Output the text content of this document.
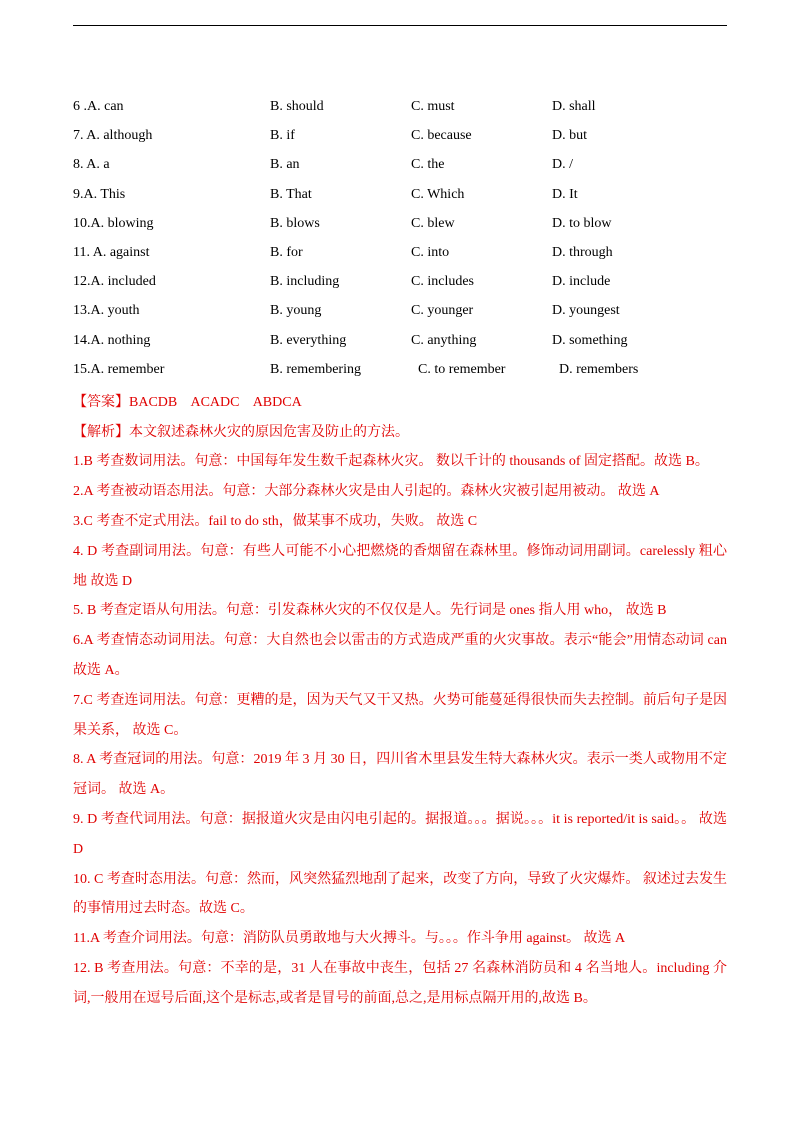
6 .A. can	B. should	C. must	D. shall
7. A. although	B. if	C. because	D. but
8. A. a	B. an	C. the	D. /
9.A. This	B. That	C. Which	D. It
10.A. blowing	B. blows	C. blew	D. to blow
11. A. against	B. for	C. into	D. through
12.A. included	B. including	C. includes	D. include
13.A. youth	B. young	C. younger	D. youngest
14.A. nothing	B. everything	C. anything	D. something
15.A. remember	B. remembering	C. to remember	D. remembers
【答案】BACDB    ACADC    ABDCA
【解析】本文叙述森林火灾的原因危害及防止的方法。
1.B 考查数词用法。句意：中国每年发生数千起森林火灾。 数以千计的 thousands of 固定搭配。故选 B。
2.A 考查被动语态用法。句意：大部分森林火灾是由人引起的。森林火灾被引起用被动。 故选 A
3.C 考查不定式用法。fail to do sth，做某事不成功，失败。 故选 C
4. D 考查副词用法。句意：有些人可能不小心把燃烧的香烟留在森林里。修饰动词用副词。carelessly 粗心地 故选 D
5. B 考查定语从句用法。句意：引发森林火灾的不仅仅是人。先行词是 ones 指人用 who， 故选 B
6.A 考查情态动词用法。句意：大自然也会以雷击的方式造成严重的火灾事故。表示“能会”用情态动词 can 故选 A。
7.C 考查连词用法。句意：更糟的是，因为天气又干又热。火势可能蔓延得很快而失去控制。前后句子是因果关系， 故选 C。
8. A 考查冠词的用法。句意：2019 年 3 月 30 日，四川省木里县发生特大森林火灾。表示一类人或物用不定冠词。 故选 A。
9. D 考查代词用法。句意：据报道火灾是由闪电引起的。据报道。。。据说。。。it is reported/it is said。。 故选 D
10. C 考查时态用法。句意：然而，风突然猛烈地刮了起来，改变了方向，导致了火灾爆炸。 叙述过去发生的事情用过去时态。故选 C。
11.A 考查介词用法。句意：消防队员勇敢地与大火搏斗。与。。。作斗争用 against。 故选 A
12. B 考查用法。句意：不幸的是，31 人在事故中丧生，包括 27 名森林消防员和 4 名当地人。including 介词,一般用在逗号后面,这个是标志,或者是冒号的前面,总之,是用标点隔开用的,故选 B。
